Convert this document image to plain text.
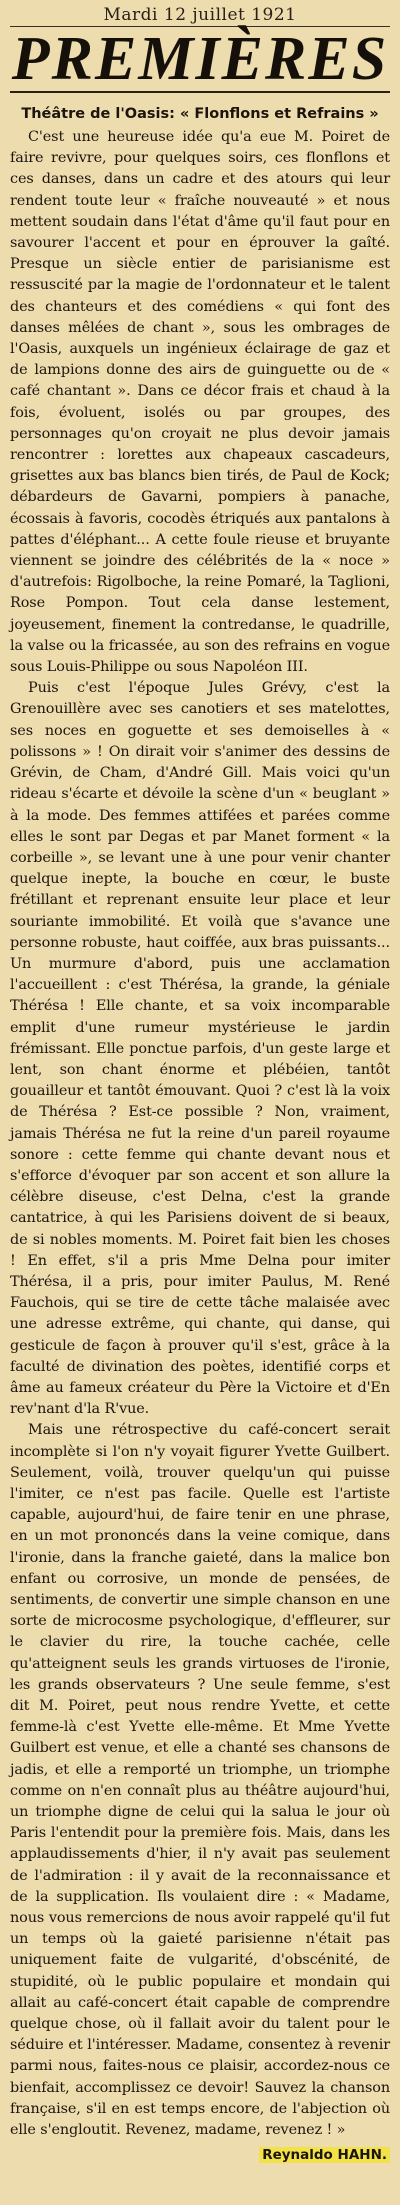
Mardi 12 juillet 1921
PREMIÈRES
Théâtre de l'Oasis: « Flonflons et Refrains »

C'est une heureuse idée qu'a eue M. Poiret de faire revivre, pour quelques soirs, ces flonflons et ces danses, dans un cadre et des atours qui leur rendent toute leur « fraîche nouveauté » et nous mettent soudain dans l'état d'âme qu'il faut pour en savourer l'accent et pour en éprouver la gaîté. Presque un siècle entier de parisianisme est ressuscité par la magie de l'ordonnateur et le talent des chanteurs et des comédiens « qui font des danses mêlées de chant », sous les ombrages de l'Oasis, auxquels un ingénieux éclairage de gaz et de lampions donne des airs de guinguette ou de « café chantant ». Dans ce décor frais et chaud à la fois, évoluent, isolés ou par groupes, des personnages qu'on croyait ne plus devoir jamais rencontrer : lorettes aux chapeaux cascadeurs, grisettes aux bas blancs bien tirés, de Paul de Kock; débardeurs de Gavarni, pompiers à panache, écossais à favoris, cocodès étriqués aux pantalons à pattes d'éléphant... A cette foule rieuse et bruyante viennent se joindre des célébrités de la « noce » d'autrefois: Rigolboche, la reine Pomaré, la Taglioni, Rose Pompon. Tout cela danse lestement, joyeusement, finement la contredanse, le quadrille, la valse ou la fricassée, au son des refrains en vogue sous Louis-Philippe ou sous Napoléon III.

Puis c'est l'époque Jules Grévy, c'est la Grenouillère avec ses canotiers et ses matelottes, ses noces en goguette et ses demoiselles à « polissons » ! On dirait voir s'animer des dessins de Grévin, de Cham, d'André Gill. Mais voici qu'un rideau s'écarte et dévoile la scène d'un « beuglant » à la mode. Des femmes attifées et parées comme elles le sont par Degas et par Manet forment « la corbeille », se levant une à une pour venir chanter quelque inepte, la bouche en cœur, le buste frétillant et reprenant ensuite leur place et leur souriante immobilité. Et voilà que s'avance une personne robuste, haut coiffée, aux bras puissants... Un murmure d'abord, puis une acclamation l'accueillent : c'est Thérésa, la grande, la géniale Thérésa ! Elle chante, et sa voix incomparable emplit d'une rumeur mystérieuse le jardin frémissant. Elle ponctue parfois, d'un geste large et lent, son chant énorme et plébéien, tantôt gouailleur et tantôt émouvant. Quoi ? c'est là la voix de Thérésa ? Est-ce possible ? Non, vraiment, jamais Thérésa ne fut la reine d'un pareil royaume sonore : cette femme qui chante devant nous et s'efforce d'évoquer par son accent et son allure la célèbre diseuse, c'est Delna, c'est la grande cantatrice, à qui les Parisiens doivent de si beaux, de si nobles moments. M. Poiret fait bien les choses ! En effet, s'il a pris Mme Delna pour imiter Thérésa, il a pris, pour imiter Paulus, M. René Fauchois, qui se tire de cette tâche malaisée avec une adresse extrême, qui chante, qui danse, qui gesticule de façon à prouver qu'il s'est, grâce à la faculté de divination des poètes, identifié corps et âme au fameux créateur du Père la Victoire et d'En rev'nant d'la R'vue.

Mais une rétrospective du café-concert serait incomplète si l'on n'y voyait figurer Yvette Guilbert. Seulement, voilà, trouver quelqu'un qui puisse l'imiter, ce n'est pas facile. Quelle est l'artiste capable, aujourd'hui, de faire tenir en une phrase, en un mot prononcés dans la veine comique, dans l'ironie, dans la franche gaieté, dans la malice bon enfant ou corrosive, un monde de pensées, de sentiments, de convertir une simple chanson en une sorte de microcosme psychologique, d'effleurer, sur le clavier du rire, la touche cachée, celle qu'atteignent seuls les grands virtuoses de l'ironie, les grands observateurs ? Une seule femme, s'est dit M. Poiret, peut nous rendre Yvette, et cette femme-là c'est Yvette elle-même. Et Mme Yvette Guilbert est venue, et elle a chanté ses chansons de jadis, et elle a remporté un triomphe, un triomphe comme on n'en connaît plus au théâtre aujourd'hui, un triomphe digne de celui qui la salua le jour où Paris l'entendit pour la première fois. Mais, dans les applaudissements d'hier, il n'y avait pas seulement de l'admiration : il y avait de la reconnaissance et de la supplication. Ils voulaient dire : « Madame, nous vous remercions de nous avoir rappelé qu'il fut un temps où la gaieté parisienne n'était pas uniquement faite de vulgarité, d'obscénité, de stupidité, où le public populaire et mondain qui allait au café-concert était capable de comprendre quelque chose, où il fallait avoir du talent pour le séduire et l'intéresser. Madame, consentez à revenir parmi nous, faites-nous ce plaisir, accordez-nous ce bienfait, accomplissez ce devoir! Sauvez la chanson française, s'il en est temps encore, de l'abjection où elle s'engloutit. Revenez, madame, revenez ! »

Reynaldo HAHN.
